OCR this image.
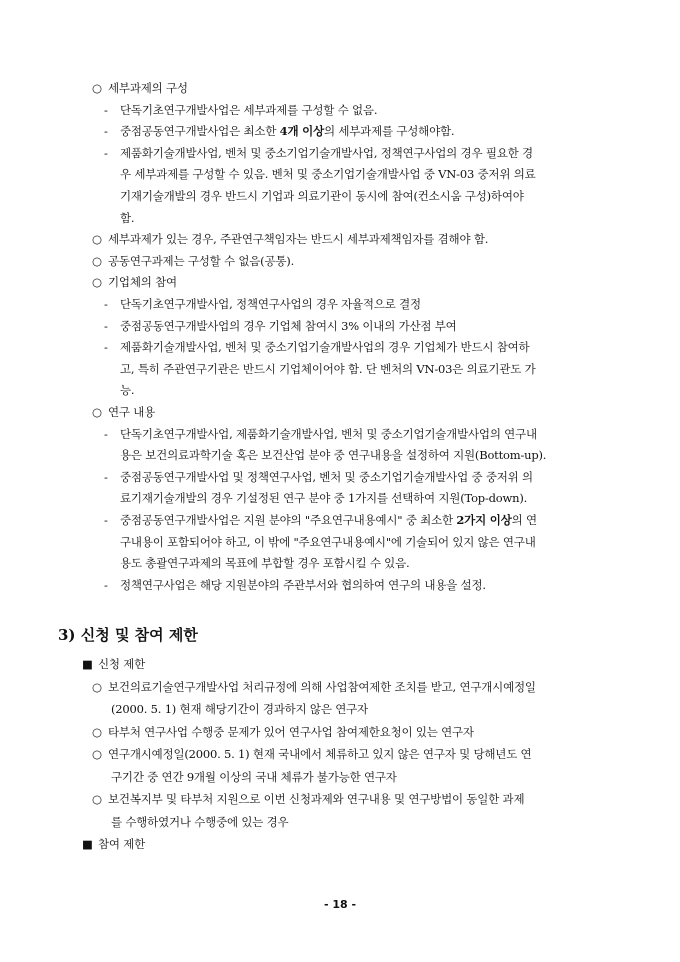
○ 세부과제의 구성
- 단독기초연구개발사업은 세부과제를 구성할 수 없음.
- 중점공동연구개발사업은 최소한 4개 이상의 세부과제를 구성해야함.
- 제품화기술개발사업, 벤처 및 중소기업기술개발사업, 정책연구사업의 경우 필요한 경
우 세부과제를 구성할 수 있음. 벤처 및 중소기업기술개발사업 중 VN-03 중저위 의료
기재기술개발의 경우 반드시 기업과 의료기관이 동시에 참여(컨소시움 구성)하여야
함.
○ 세부과제가 있는 경우, 주관연구책임자는 반드시 세부과제책임자를 겸해야 함.
○ 공동연구과제는 구성할 수 없음(공통).
○ 기업체의 참여
- 단독기초연구개발사업, 정책연구사업의 경우 자율적으로 결정
- 중점공동연구개발사업의 경우 기업체 참여시 3% 이내의 가산점 부여
- 제품화기술개발사업, 벤처 및 중소기업기술개발사업의 경우 기업체가 반드시 참여하
고, 특히 주관연구기관은 반드시 기업체이어야 함. 단 벤처의 VN-03은 의료기관도 가
능.
○ 연구 내용
- 단독기초연구개발사업, 제품화기술개발사업, 벤처 및 중소기업기술개발사업의 연구내
용은 보건의료과학기술 혹은 보건산업 분야 중 연구내용을 설정하여 지원(Bottom-up).
- 중점공동연구개발사업 및 정책연구사업, 벤처 및 중소기업기술개발사업 중 중저위 의
료기재기술개발의 경우 기설정된 연구 분야 중 1가지를 선택하여 지원(Top-down).
- 중점공동연구개발사업은 지원 분야의 "주요연구내용예시" 중 최소한 2가지 이상의 연
구내용이 포함되어야 하고, 이 밖에 "주요연구내용예시"에 기술되어 있지 않은 연구내
용도 총괄연구과제의 목표에 부합할 경우 포함시킬 수 있음.
- 정책연구사업은 해당 지원분야의 주관부서와 협의하여 연구의 내용을 설정.
3) 신청 및 참여 제한
■ 신청 제한
○ 보건의료기술연구개발사업 처리규정에 의해 사업참여제한 조치를 받고, 연구개시예정일
(2000. 5. 1) 현재 해당기간이 경과하지 않은 연구자
○ 타부처 연구사업 수행중 문제가 있어 연구사업 참여제한요청이 있는 연구자
○ 연구개시예정일(2000. 5. 1) 현재 국내에서 체류하고 있지 않은 연구자 및 당해년도 연
구기간 중 연간 9개월 이상의 국내 체류가 불가능한 연구자
○ 보건복지부 및 타부처 지원으로 이번 신청과제와 연구내용 및 연구방법이 동일한 과제
를 수행하였거나 수행중에 있는 경우
■ 참여 제한
- 18 -
